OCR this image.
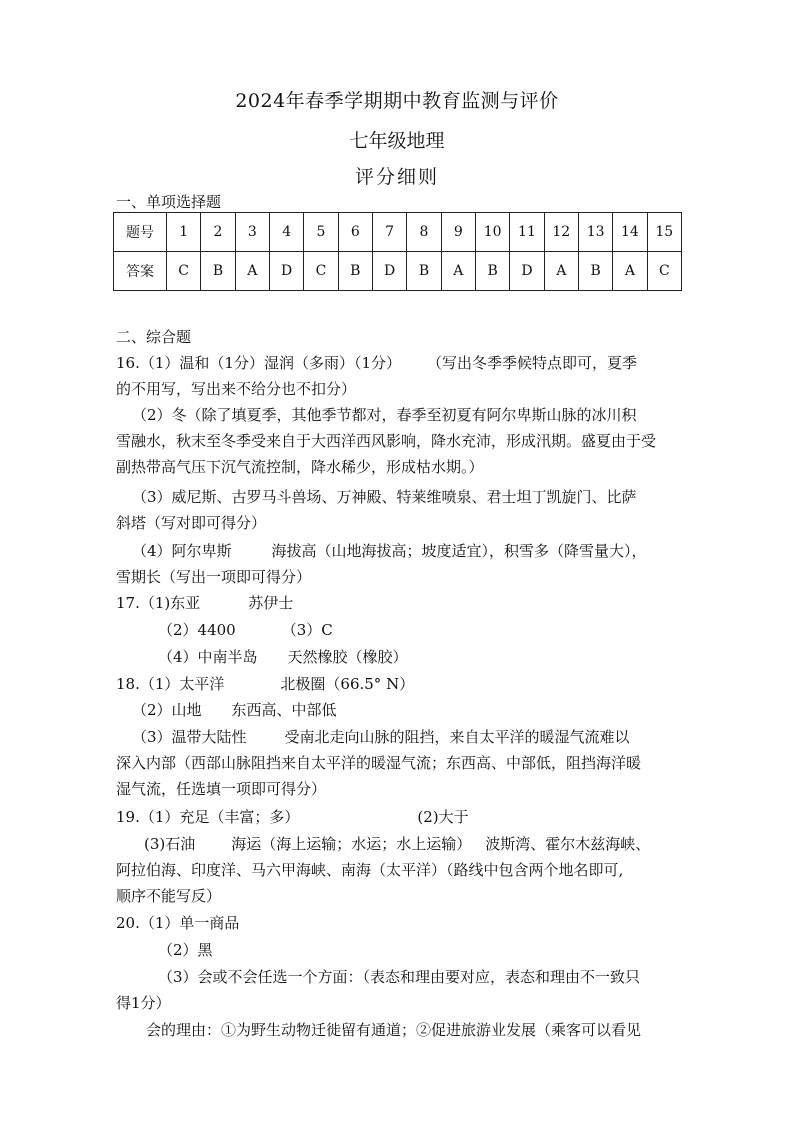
2024年春季学期期中教育监测与评价
七年级地理
评分细则
一、单项选择题
题号	1	2	3	4	5	6	7	8	9	10	11	12	13	14	15
答案	C	B	A	D	C	B	D	B	A	B	D	A	B	A	C
二、综合题
16.（1）温和（1分）湿润（多雨）（1分） （写出冬季季候特点即可，夏季
的不用写，写出来不给分也不扣分）
（2）冬（除了填夏季，其他季节都对，春季至初夏有阿尔卑斯山脉的冰川积
雪融水，秋末至冬季受来自于大西洋西风影响，降水充沛，形成汛期。盛夏由于受
副热带高气压下沉气流控制，降水稀少，形成枯水期。）
（3）威尼斯、古罗马斗兽场、万神殿、特莱维喷泉、君士坦丁凯旋门、比萨
斜塔（写对即可得分）
（4）阿尔卑斯	海拔高（山地海拔高；坡度适宜），积雪多（降雪量大），
雪期长（写出一项即可得分）
17.（1)东亚	苏伊士
（2）4400	（3）C
（4）中南半岛 天然橡胶（橡胶）
18.（1）太平洋	北极圈（66.5° N）
（2）山地 东西高、中部低
（3）温带大陆性	受南北走向山脉的阻挡，来自太平洋的暖湿气流难以
深入内部（西部山脉阻挡来自太平洋的暖湿气流；东西高、中部低，阻挡海洋暖
湿气流，任选填一项即可得分）
19.（1）充足（丰富；多）	(2)大于
(3)石油 海运（海上运输；水运；水上运输） 波斯湾、霍尔木兹海峡、
阿拉伯海、印度洋、马六甲海峡、南海（太平洋）（路线中包含两个地名即可,
顺序不能写反）
20.（1）单一商品
（2）黑
（3）会或不会任选一个方面：（表态和理由要对应，表态和理由不一致只
得1分）
会的理由：①为野生动物迁徙留有通道；②促进旅游业发展（乘客可以看见
